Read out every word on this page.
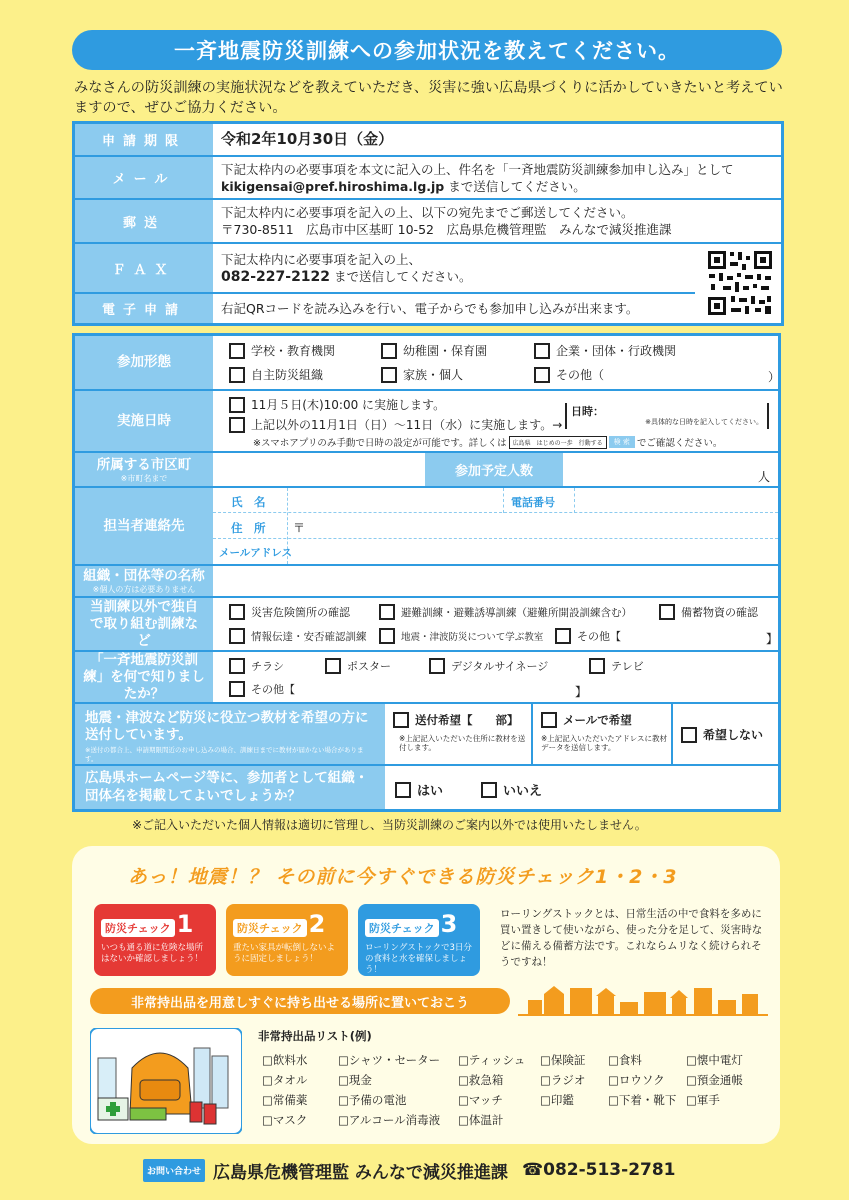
一斉地震防災訓練への参加状況を教えてください。
みなさんの防災訓練の実施状況などを教えていただき、災害に強い広島県づくりに活かしていきたいと考えていますので、ぜひご協力ください。
申請期限	令和2年10月30日（金）
メール
下記太枠内の必要事項を本文に記入の上、件名を「一斉地震防災訓練参加申し込み」として
kikigensai@pref.hiroshima.lg.jp まで送信してください。
郵送
下記太枠内に必要事項を記入の上、以下の宛先までご郵送してください。
〒730-8511　広島市中区基町 10-52　広島県危機管理監　みんなで減災推進課
ＦＡＸ
下記太枠内に必要事項を記入の上、
082-227-2122 まで送信してください。
電子申請	右記QRコードを読み込みを行い、電子からでも参加申し込みが出来ます。
参加形態
学校・教育機関	幼稚園・保育園	企業・団体・行政機関
自主防災組織	家族・個人	その他（	）
実施日時
11月５日(木)10:00 に実施します。
上記以外の11月1日（日）～11日（水）に実施します。→
日時：
※具体的な日時を記入してください。
※スマホアプリのみ手動で日時の設定が可能です。詳しくは	広島県　はじめの一歩　行動する	検 索 でご確認ください。
所属する市区町
※市町名まで	参加予定人数	人
担当者連絡先
氏　名	電話番号
住　所 〒
メールアドレス
組織・団体等の名称
※個人の方は必要ありません
当訓練以外で独自で取り組む訓練など
災害危険箇所の確認	避難訓練・避難誘導訓練（避難所開設訓練含む）	備蓄物資の確認
情報伝達・安否確認訓練	地震・津波防災について学ぶ教室	その他【	】
「一斉地震防災訓練」を何で知りましたか？
チラシ	ポスター	デジタルサイネージ	テレビ
その他【	】
地震・津波など防災に役立つ教材を希望の方に送付しています。
※送付の都合上、申請期限間近のお申し込みの場合、訓練日までに教材が届かない場合があります。
送付希望【　　部】
※上記記入いただいた住所に教材を送付します。
メールで希望
※上記記入いただいたアドレスに教材データを送信します。
希望しない
広島県ホームページ等に、参加者として組織・団体名を掲載してよいでしょうか？	はい	いいえ
※ご記入いただいた個人情報は適切に管理し、当防災訓練のご案内以外では使用いたしません。
あっ！地震！？ その前に今すぐできる防災チェック1・2・3
防災チェック 1
いつも通る道に危険な場所はないか確認しましょう！
防災チェック 2
重たい家具が転倒しないように固定しましょう！
防災チェック 3
ローリングストックで3日分の食料と水を確保しましょう！
ローリングストックとは、日常生活の中で食料を多めに買い置きして使いながら、使った分を足して、災害時などに備える備蓄方法です。これならムリなく続けられそうですね！
非常持出品を用意しすぐに持ち出せる場所に置いておこう
非常持出品リスト(例)
□飲料水	□シャツ・セーター □ティッシュ □保険証 □食料	□懐中電灯
□タオル	□現金	□救急箱	□ラジオ □ロウソク □預金通帳
□常備薬	□予備の電池	□マッチ	□印鑑	□下着・靴下 □軍手
□マスク	□アルコール消毒液 □体温計
お問い合わせ 広島県危機管理監 みんなで減災推進課 ☎082-513-2781
